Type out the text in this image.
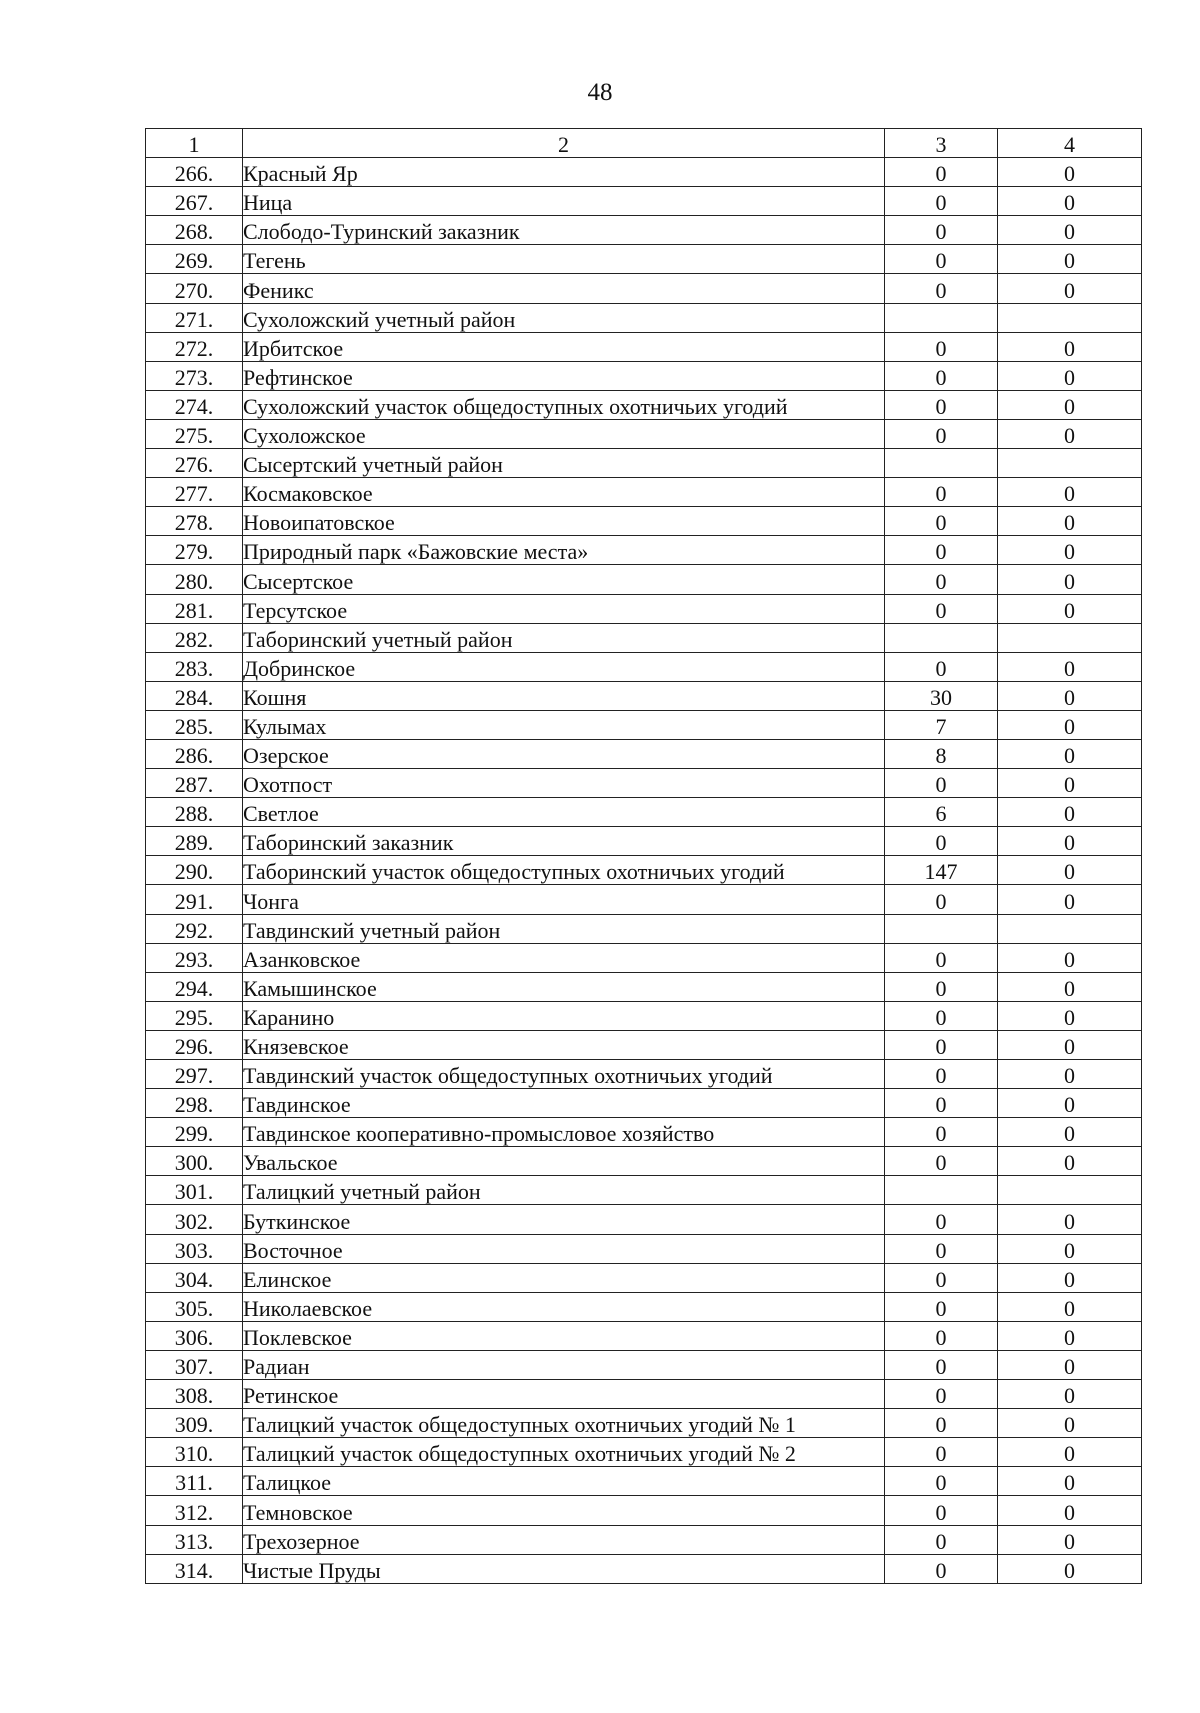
48
1	2	3	4
266.	Красный Яр	0	0
267.	Ница	0	0
268.	Слободо-Туринский заказник	0	0
269.	Тегень	0	0
270.	Феникс	0	0
271.	Сухоложский учетный район		
272.	Ирбитское	0	0
273.	Рефтинское	0	0
274.	Сухоложский участок общедоступных охотничьих угодий	0	0
275.	Сухоложское	0	0
276.	Сысертский учетный район		
277.	Космаковское	0	0
278.	Новоипатовское	0	0
279.	Природный парк «Бажовские места»	0	0
280.	Сысертское	0	0
281.	Терсутское	0	0
282.	Таборинский учетный район		
283.	Добринское	0	0
284.	Кошня	30	0
285.	Кулымах	7	0
286.	Озерское	8	0
287.	Охотпост	0	0
288.	Светлое	6	0
289.	Таборинский заказник	0	0
290.	Таборинский участок общедоступных охотничьих угодий	147	0
291.	Чонга	0	0
292.	Тавдинский учетный район		
293.	Азанковское	0	0
294.	Камышинское	0	0
295.	Каранино	0	0
296.	Князевское	0	0
297.	Тавдинский участок общедоступных охотничьих угодий	0	0
298.	Тавдинское	0	0
299.	Тавдинское кооперативно-промысловое хозяйство	0	0
300.	Увальское	0	0
301.	Талицкий учетный район		
302.	Буткинское	0	0
303.	Восточное	0	0
304.	Елинское	0	0
305.	Николаевское	0	0
306.	Поклевское	0	0
307.	Радиан	0	0
308.	Ретинское	0	0
309.	Талицкий участок общедоступных охотничьих угодий № 1	0	0
310.	Талицкий участок общедоступных охотничьих угодий № 2	0	0
311.	Талицкое	0	0
312.	Темновское	0	0
313.	Трехозерное	0	0
314.	Чистые Пруды	0	0
